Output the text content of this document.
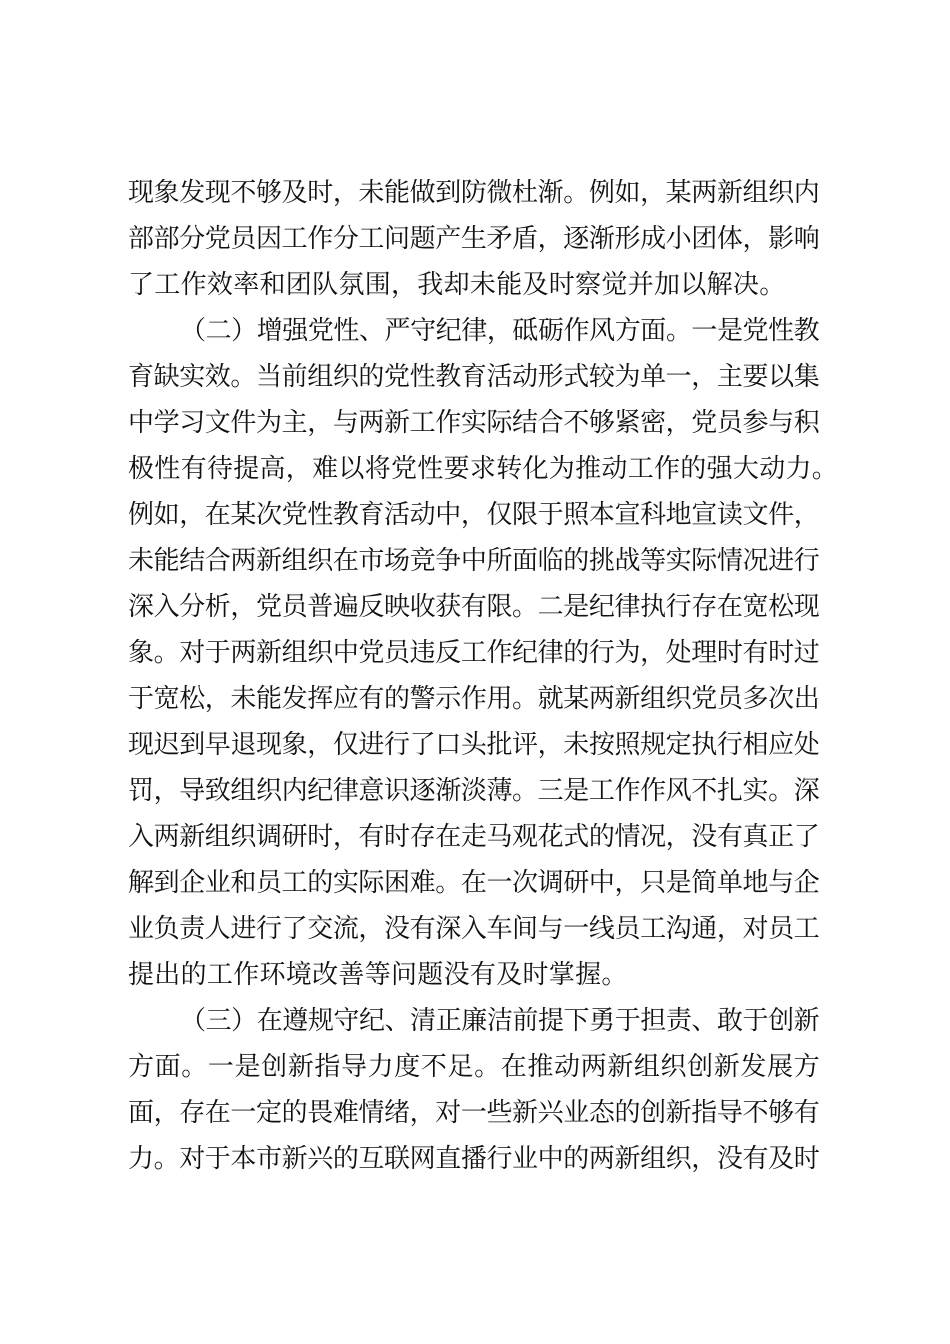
现象发现不够及时，未能做到防微杜渐。例如，某两新组织内
部部分党员因工作分工问题产生矛盾，逐渐形成小团体，影响
了工作效率和团队氛围，我却未能及时察觉并加以解决。
（二）增强党性、严守纪律，砥砺作风方面。一是党性教
育缺实效。当前组织的党性教育活动形式较为单一，主要以集
中学习文件为主，与两新工作实际结合不够紧密，党员参与积
极性有待提高，难以将党性要求转化为推动工作的强大动力。
例如，在某次党性教育活动中，仅限于照本宣科地宣读文件，
未能结合两新组织在市场竞争中所面临的挑战等实际情况进行
深入分析，党员普遍反映收获有限。二是纪律执行存在宽松现
象。对于两新组织中党员违反工作纪律的行为，处理时有时过
于宽松，未能发挥应有的警示作用。就某两新组织党员多次出
现迟到早退现象，仅进行了口头批评，未按照规定执行相应处
罚，导致组织内纪律意识逐渐淡薄。三是工作作风不扎实。深
入两新组织调研时，有时存在走马观花式的情况，没有真正了
解到企业和员工的实际困难。在一次调研中，只是简单地与企
业负责人进行了交流，没有深入车间与一线员工沟通，对员工
提出的工作环境改善等问题没有及时掌握。
（三）在遵规守纪、清正廉洁前提下勇于担责、敢于创新
方面。一是创新指导力度不足。在推动两新组织创新发展方
面，存在一定的畏难情绪，对一些新兴业态的创新指导不够有
力。对于本市新兴的互联网直播行业中的两新组织，没有及时
